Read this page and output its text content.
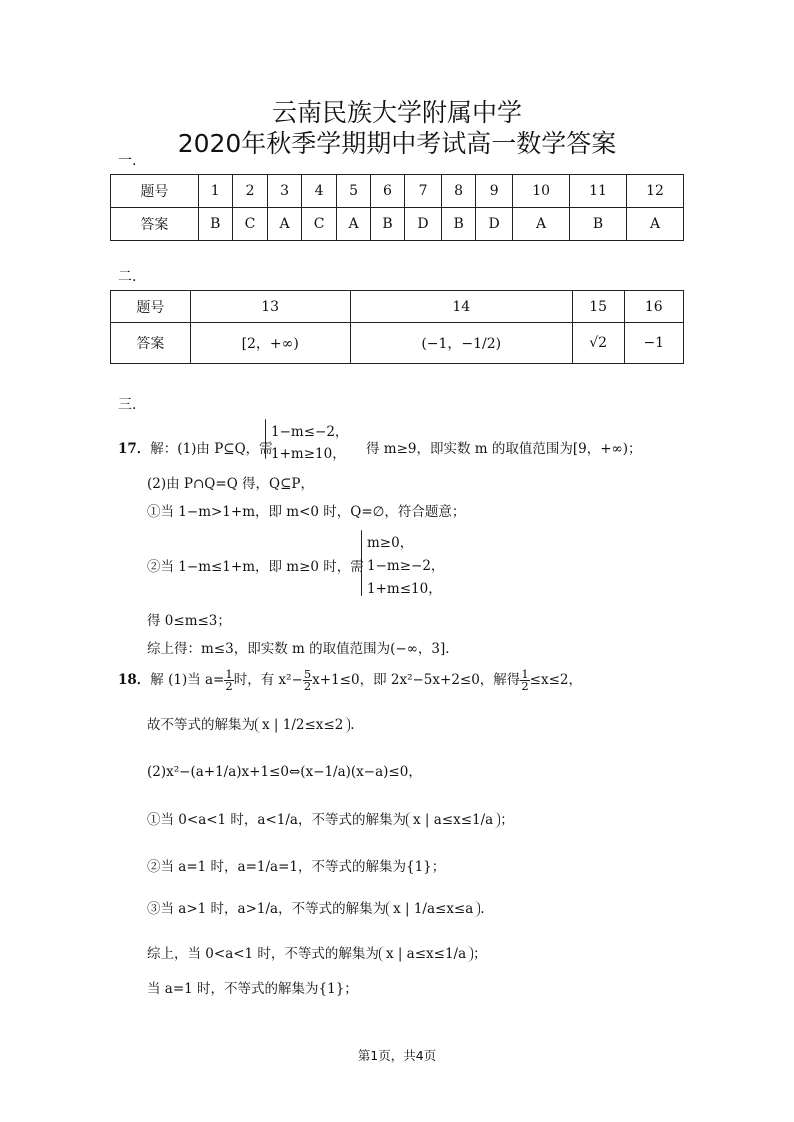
云南民族大学附属中学
2020年秋季学期期中考试高一数学答案
一.
题号	1	2	3	4	5	6	7	8	9	10	11	12
答案	B	C	A	C	A	B	D	B	D	A	B	A
二.
题号	13	14	15	16
答案	[2，+∞)	(−1，−1/2)	√2	−1
三.
17．解：(1)由 P⊆Q，需
1−m≤−2，
1+m≥10， 得 m≥9，即实数 m 的取值范围为[9，+∞)；
(2)由 P∩Q=Q 得，Q⊆P，
①当 1−m>1+m，即 m<0 时，Q=∅，符合题意；
②当 1−m≤1+m，即 m≥0 时，需
m≥0，
1−m≥−2，
1+m≤10，
得 0≤m≤3；
综上得：m≤3，即实数 m 的取值范围为(−∞，3].
18．解 (1)当 $a= \frac{1}{2}$ 时，有 $x^2- \frac{5}{2} x+1\le 0$，即 2x²−5x+2≤0，解得 $\frac{1}{2} \le x\le 2$，
故不等式的解集为 x | 1/2≤x≤2 .
(2)x²−(a+1/a)x+1≤0⇔(x−1/a)(x−a)≤0，
①当 0<a<1 时，a<1/a，不等式的解集为 x | a≤x≤1/a ；
②当 a=1 时，a=1/a=1，不等式的解集为{1}；
③当 a>1 时，a>1/a，不等式的解集为 x | 1/a≤x≤a .
综上，当 0<a<1 时，不等式的解集为 x | a≤x≤1/a ；
当 a=1 时，不等式的解集为{1}；
第1页，共4页
